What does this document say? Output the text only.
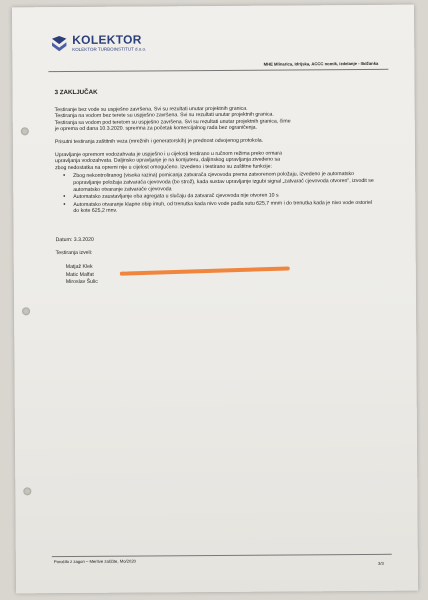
KOLEKTOR
KOLEKTOR TURBOINSTITUT d.o.o.
MHE Mlinarica, Idrijska, ACCC nomik, izdelanje - Ilidžanka
3 ZAKLJUČAK
Testiranje bez vode su uspješno završena. Svi su rezultati unutar projektnih granica.
Testiranja na vodom bez terete su uspješno završena. Svi su rezultati unutar projektnih granica.
Testiranja sa vodom pod teretom su uspješno završena. Svi su rezultati unutar projektnih granica, čime
je oprema od dana 10.3.2020. spremna za početak komercijalnog rada bez ograničenja.
Prisutni testiranja zaštitnih veza (mrežnih i generatorskih) je prednost odvojenog protokola.
Upravljanje opremom vodozahvata je uspješno i u cijelosti testirano u ručnom režima preko ormara
upravljanja vodozahvata. Daljinsko upravljanje je na komjuteru, daljinskog upravljanja zivedeno sa
zbog nedostatka na opremi nije u cijelost omogućeno. Izvedeno i testirano su zaštitne funkcije:
• Zbog nekontroliranog (visoka razina) pomicanja zatvarača cjevovoda prema zatvorenom položaju, izvedeno je automatsko popravljanje položaja zatvarača cjevovoda (bo strož), kada sustav upravljanje izgubi signal „zatvarač cjevovoda otvoren", izvodit se automatsko otvaranje zatvarače cjevovoda
• Automatsko zaustavljanje oba agregata u slučaju da zatvarač cjevovoda nije otvoren 10 s
• Automatsko otvaranje klapne obip imuh, od trenutka kada nivo vode padla sutu 625,7 mnm i do trenutka kada je nivo vode ostoriel do kote 625,2 mnv.
Datum: 3.3.2020
Testiranja izveli:
Matjaž Klek
Matic Malfat
Miroslav Šulic
Poročilo z zagon – Meritve zaščite, Mo/2020	3/3
